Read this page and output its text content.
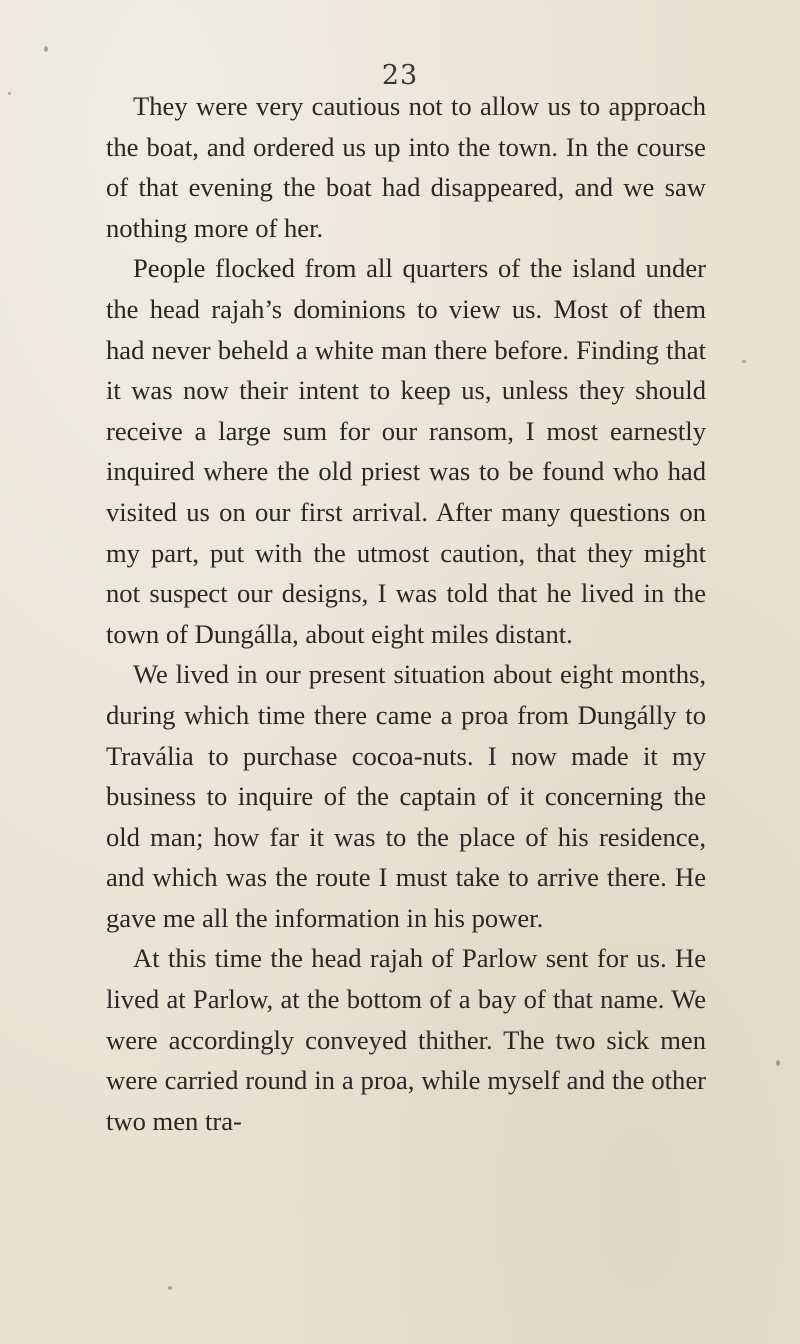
23

They were very cautious not to allow us to approach the boat, and ordered us up into the town. In the course of that evening the boat had disappeared, and we saw nothing more of her.

People flocked from all quarters of the island under the head rajah’s dominions to view us. Most of them had never beheld a white man there before. Finding that it was now their intent to keep us, unless they should receive a large sum for our ransom, I most earnestly inquired where the old priest was to be found who had visited us on our first arrival. After many questions on my part, put with the utmost caution, that they might not suspect our designs, I was told that he lived in the town of Dungálla, about eight miles distant.

We lived in our present situation about eight months, during which time there came a proa from Dungálly to Travália to purchase cocoa-nuts. I now made it my business to inquire of the captain of it concerning the old man; how far it was to the place of his residence, and which was the route I must take to arrive there. He gave me all the information in his power.

At this time the head rajah of Parlow sent for us. He lived at Parlow, at the bottom of a bay of that name. We were accordingly conveyed thither. The two sick men were carried round in a proa, while myself and the other two men tra-
